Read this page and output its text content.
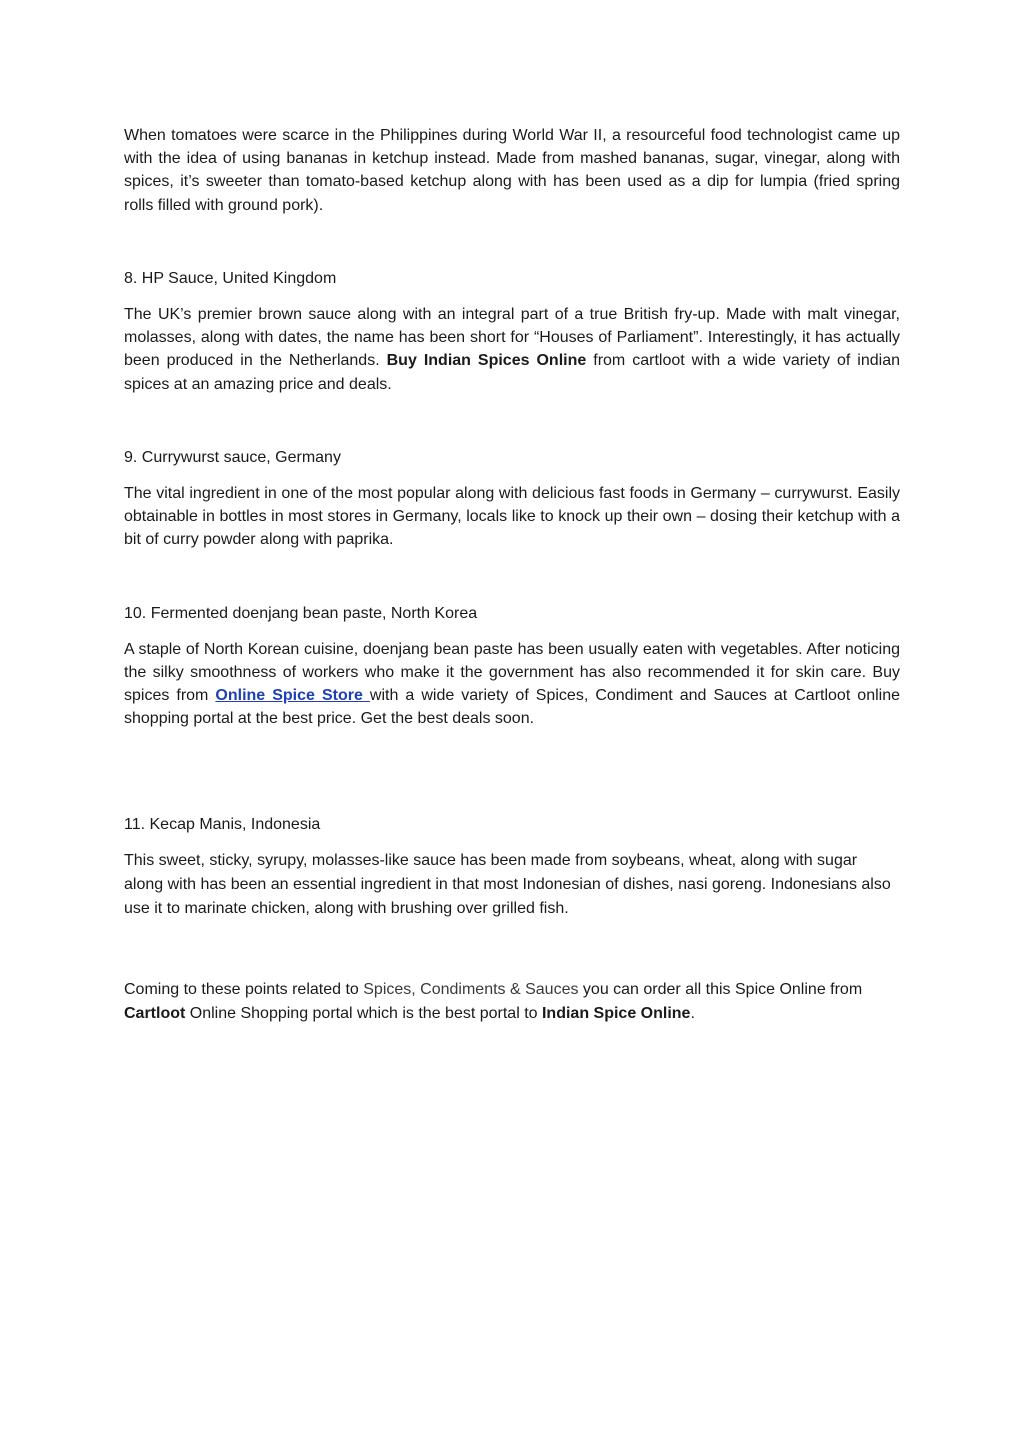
When tomatoes were scarce in the Philippines during World War II, a resourceful food technologist came up with the idea of using bananas in ketchup instead. Made from mashed bananas, sugar, vinegar, along with spices, it’s sweeter than tomato-based ketchup along with has been used as a dip for lumpia (fried spring rolls filled with ground pork).

8. HP Sauce, United Kingdom

The UK’s premier brown sauce along with an integral part of a true British fry-up. Made with malt vinegar, molasses, along with dates, the name has been short for “Houses of Parliament”. Interestingly, it has actually been produced in the Netherlands. Buy Indian Spices Online from cartloot with a wide variety of indian spices at an amazing price and deals.

9. Currywurst sauce, Germany

The vital ingredient in one of the most popular along with delicious fast foods in Germany – currywurst. Easily obtainable in bottles in most stores in Germany, locals like to knock up their own – dosing their ketchup with a bit of curry powder along with paprika.

10. Fermented doenjang bean paste, North Korea

A staple of North Korean cuisine, doenjang bean paste has been usually eaten with vegetables. After noticing the silky smoothness of workers who make it the government has also recommended it for skin care. Buy spices from Online Spice Store with a wide variety of Spices, Condiment and Sauces at Cartloot online shopping portal at the best price. Get the best deals soon.

11. Kecap Manis, Indonesia

This sweet, sticky, syrupy, molasses-like sauce has been made from soybeans, wheat, along with sugar along with has been an essential ingredient in that most Indonesian of dishes, nasi goreng. Indonesians also use it to marinate chicken, along with brushing over grilled fish.

Coming to these points related to Spices, Condiments & Sauces you can order all this Spice Online from Cartloot Online Shopping portal which is the best portal to Indian Spice Online.
